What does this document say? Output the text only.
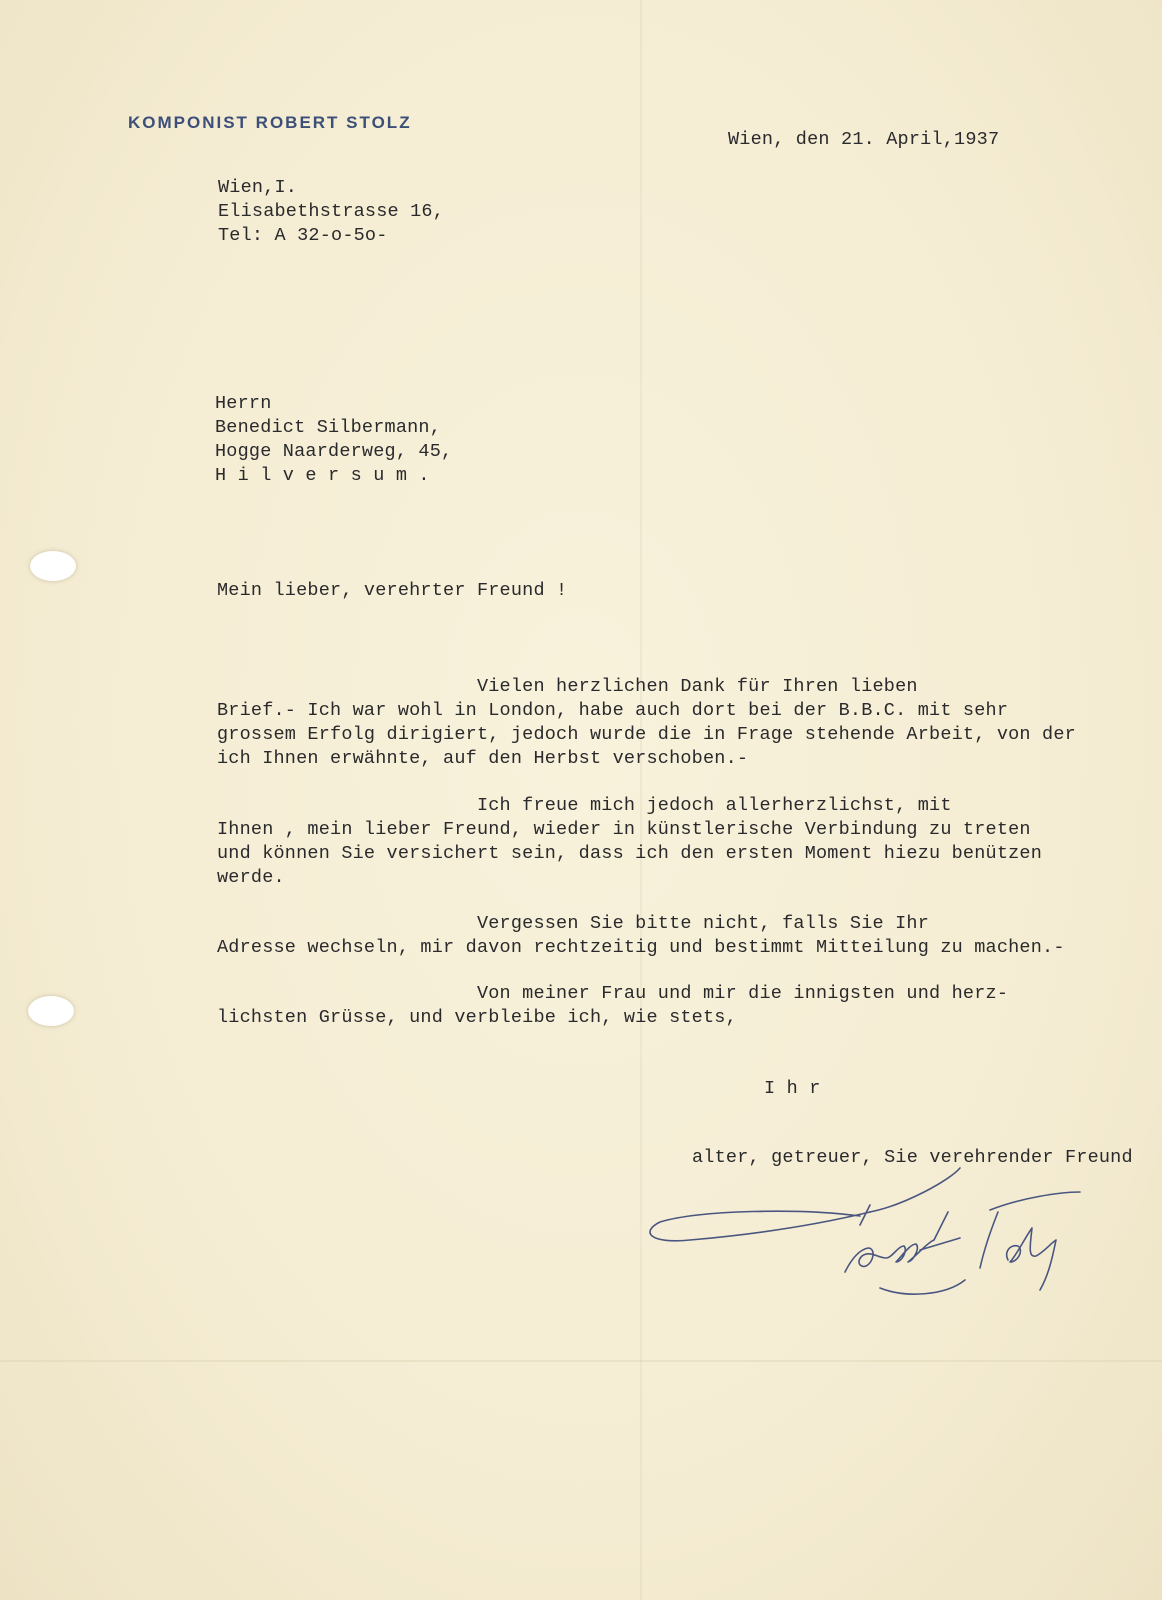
KOMPONIST ROBERT STOLZ
Wien, den 21. April,1937
Wien,I.
Elisabethstrasse 16,
Tel: A 32-o-5o-
Herrn
Benedict Silbermann,
Hogge Naarderweg, 45,
H i l v e r s u m .
Mein lieber, verehrter Freund !
Vielen herzlichen Dank für Ihren lieben
Brief.- Ich war wohl in London, habe auch dort bei der B.B.C. mit sehr
grossem Erfolg dirigiert, jedoch wurde die in Frage stehende Arbeit, von der
ich Ihnen erwähnte, auf den Herbst verschoben.-
Ich freue mich jedoch allerherzlichst, mit
Ihnen , mein lieber Freund, wieder in künstlerische Verbindung zu treten
und können Sie versichert sein, dass ich den ersten Moment hiezu benützen
werde.
Vergessen Sie bitte nicht, falls Sie Ihr
Adresse wechseln, mir davon rechtzeitig und bestimmt Mitteilung zu machen.-
Von meiner Frau und mir die innigsten und herz-
lichsten Grüsse, und verbleibe ich, wie stets,
I h r
alter, getreuer, Sie verehrender Freund
